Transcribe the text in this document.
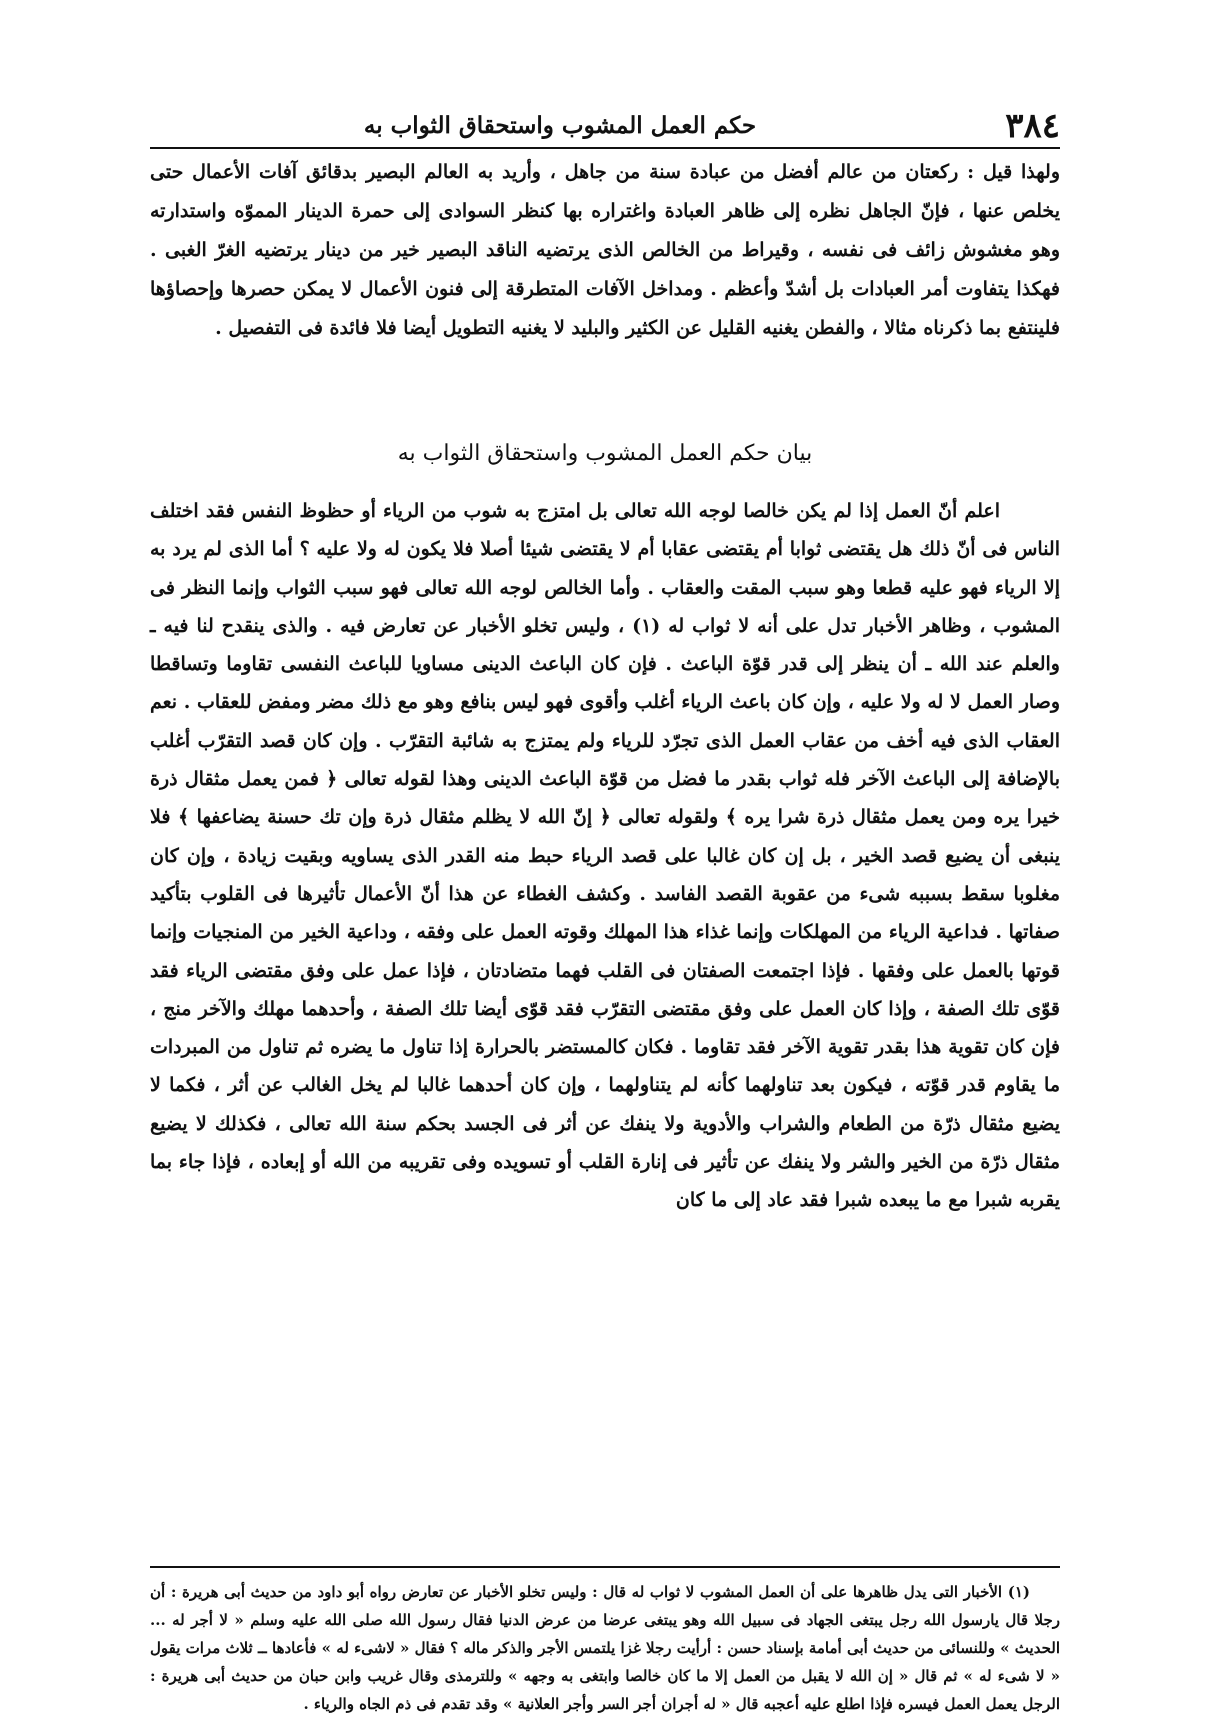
٣٨٤
حكم العمل المشوب واستحقاق الثواب به

ولهذا قيل : ركعتان من عالم أفضل من عبادة سنة من جاهل ، وأريد به العالم البصير بدقائق آفات الأعمال حتى يخلص عنها ، فإنّ الجاهل نظره إلى ظاهر العبادة واغتراره بها كنظر السوادى إلى حمرة الدينار المموّه واستدارته وهو مغشوش زائف فى نفسه ، وقيراط من الخالص الذى يرتضيه الناقد البصير خير من دينار يرتضيه الغرّ الغبى . فهكذا يتفاوت أمر العبادات بل أشدّ وأعظم . ومداخل الآفات المتطرقة إلى فنون الأعمال لا يمكن حصرها وإحصاؤها فلينتفع بما ذكرناه مثالا ، والفطن يغنيه القليل عن الكثير والبليد لا يغنيه التطويل أيضا فلا فائدة فى التفصيل .

بيان حكم العمل المشوب واستحقاق الثواب به

اعلم أنّ العمل إذا لم يكن خالصا لوجه الله تعالى بل امتزج به شوب من الرياء أو حظوظ النفس فقد اختلف الناس فى أنّ ذلك هل يقتضى ثوابا أم يقتضى عقابا أم لا يقتضى شيئا أصلا فلا يكون له ولا عليه ؟ أما الذى لم يرد به إلا الرياء فهو عليه قطعا وهو سبب المقت والعقاب . وأما الخالص لوجه الله تعالى فهو سبب الثواب وإنما النظر فى المشوب ، وظاهر الأخبار تدل على أنه لا ثواب له (١) ، وليس تخلو الأخبار عن تعارض فيه . والذى ينقدح لنا فيه ـ والعلم عند الله ـ أن ينظر إلى قدر قوّة الباعث . فإن كان الباعث الدينى مساويا للباعث النفسى تقاوما وتساقطا وصار العمل لا له ولا عليه ، وإن كان باعث الرياء أغلب وأقوى فهو ليس بنافع وهو مع ذلك مضر ومفض للعقاب . نعم العقاب الذى فيه أخف من عقاب العمل الذى تجرّد للرياء ولم يمتزج به شائبة التقرّب . وإن كان قصد التقرّب أغلب بالإضافة إلى الباعث الآخر فله ثواب بقدر ما فضل من قوّة الباعث الدينى وهذا لقوله تعالى ﴿ فمن يعمل مثقال ذرة خيرا يره ومن يعمل مثقال ذرة شرا يره ﴾ ولقوله تعالى ﴿ إنّ الله لا يظلم مثقال ذرة وإن تك حسنة يضاعفها ﴾ فلا ينبغى أن يضيع قصد الخير ، بل إن كان غالبا على قصد الرياء حبط منه القدر الذى يساويه وبقيت زيادة ، وإن كان مغلوبا سقط بسببه شىء من عقوبة القصد الفاسد . وكشف الغطاء عن هذا أنّ الأعمال تأثيرها فى القلوب بتأكيد صفاتها . فداعية الرياء من المهلكات وإنما غذاء هذا المهلك وقوته العمل على وفقه ، وداعية الخير من المنجيات وإنما قوتها بالعمل على وفقها . فإذا اجتمعت الصفتان فى القلب فهما متضادتان ، فإذا عمل على وفق مقتضى الرياء فقد قوّى تلك الصفة ، وإذا كان العمل على وفق مقتضى التقرّب فقد قوّى أيضا تلك الصفة ، وأحدهما مهلك والآخر منج ، فإن كان تقوية هذا بقدر تقوية الآخر فقد تقاوما . فكان كالمستضر بالحرارة إذا تناول ما يضره ثم تناول من المبردات ما يقاوم قدر قوّته ، فيكون بعد تناولهما كأنه لم يتناولهما ، وإن كان أحدهما غالبا لم يخل الغالب عن أثر ، فكما لا يضيع مثقال ذرّة من الطعام والشراب والأدوية ولا ينفك عن أثر فى الجسد بحكم سنة الله تعالى ، فكذلك لا يضيع مثقال ذرّة من الخير والشر ولا ينفك عن تأثير فى إنارة القلب أو تسويده وفى تقريبه من الله أو إبعاده ، فإذا جاء بما يقربه شبرا مع ما يبعده شبرا فقد عاد إلى ما كان

(١) الأخبار التى يدل ظاهرها على أن العمل المشوب لا ثواب له قال : وليس تخلو الأخبار عن تعارض رواه أبو داود من حديث أبى هريرة : أن رجلا قال يارسول الله رجل يبتغى الجهاد فى سبيل الله وهو يبتغى عرضا من عرض الدنيا فقال رسول الله صلى الله عليه وسلم « لا أجر له ... الحديث » وللنسائى من حديث أبى أمامة بإسناد حسن : أرأيت رجلا غزا يلتمس الأجر والذكر ماله ؟ فقال « لاشىء له » فأعادها ــ ثلاث مرات يقول « لا شىء له » ثم قال « إن الله لا يقبل من العمل إلا ما كان خالصا وابتغى به وجهه » وللترمذى وقال غريب وابن حبان من حديث أبى هريرة : الرجل يعمل العمل فيسره فإذا اطلع عليه أعجبه قال « له أجران أجر السر وأجر العلانية » وقد تقدم فى ذم الجاه والرياء .
